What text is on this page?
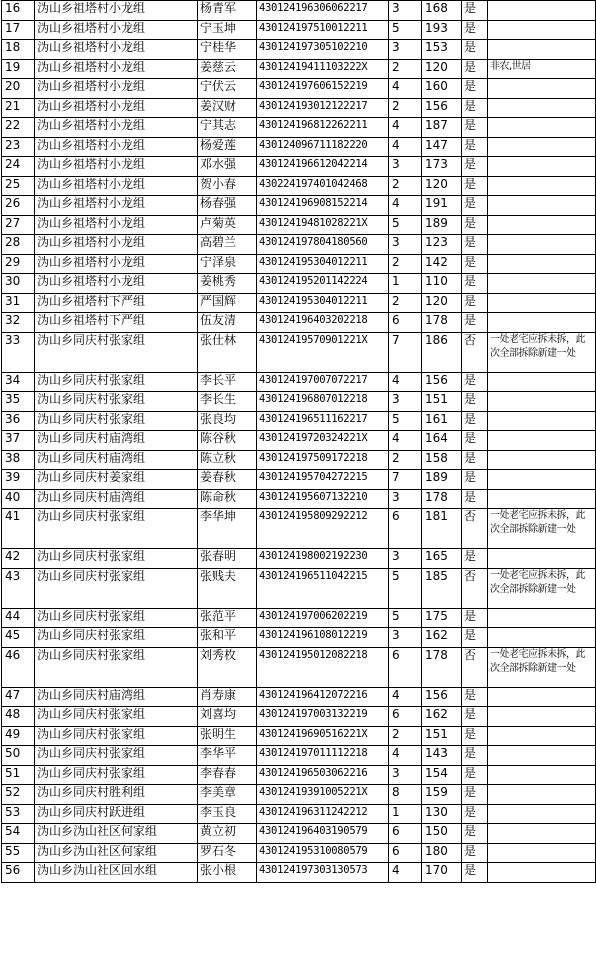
16	沩山乡祖塔村小龙组	杨青军	430124196306062217	3	168	是	
17	沩山乡祖塔村小龙组	宁玉坤	430124197510012211	5	193	是	
18	沩山乡祖塔村小龙组	宁桂华	430124197305102210	3	153	是	
19	沩山乡祖塔村小龙组	姜慈云	43012419411103222X	2	120	是	非农,世居
20	沩山乡祖塔村小龙组	宁伏云	430124197606152219	4	160	是	
21	沩山乡祖塔村小龙组	姜汉财	430124193012122217	2	156	是	
22	沩山乡祖塔村小龙组	宁其志	430124196812262211	4	187	是	
23	沩山乡祖塔村小龙组	杨爱莲	430124096711182220	4	147	是	
24	沩山乡祖塔村小龙组	邓水强	430124196612042214	3	173	是	
25	沩山乡祖塔村小龙组	贺小春	430224197401042468	2	120	是	
26	沩山乡祖塔村小龙组	杨春强	430124196908152214	4	191	是	
27	沩山乡祖塔村小龙组	卢菊英	43012419481028221X	5	189	是	
28	沩山乡祖塔村小龙组	高碧兰	430124197804180560	3	123	是	
29	沩山乡祖塔村小龙组	宁泽泉	430124195304012211	2	142	是	
30	沩山乡祖塔村小龙组	姜桃秀	430124195201142224	1	110	是	
31	沩山乡祖塔村下严组	严国辉	430124195304012211	2	120	是	
32	沩山乡祖塔村下严组	伍友清	430124196403202218	6	178	是	
33	沩山乡同庆村张家组	张仕林	43012419570901221X	7	186	否	一处老宅应拆未拆，此次全部拆除新建一处
34	沩山乡同庆村张家组	李长平	430124197007072217	4	156	是	
35	沩山乡同庆村张家组	李长生	430124196807012218	3	151	是	
36	沩山乡同庆村张家组	张良均	430124196511162217	5	161	是	
37	沩山乡同庆村庙湾组	陈谷秋	43012419720324221X	4	164	是	
38	沩山乡同庆村庙湾组	陈立秋	430124197509172218	2	158	是	
39	沩山乡同庆村姜家组	姜春秋	430124195704272215	7	189	是	
40	沩山乡同庆村庙湾组	陈命秋	430124195607132210	3	178	是	
41	沩山乡同庆村张家组	李华坤	430124195809292212	6	181	否	一处老宅应拆未拆，此次全部拆除新建一处
42	沩山乡同庆村张家组	张春明	430124198002192230	3	165	是	
43	沩山乡同庆村张家组	张贱夫	430124196511042215	5	185	否	一处老宅应拆未拆，此次全部拆除新建一处
44	沩山乡同庆村张家组	张范平	430124197006202219	5	175	是	
45	沩山乡同庆村张家组	张和平	430124196108012219	3	162	是	
46	沩山乡同庆村张家组	刘秀枚	430124195012082218	6	178	否	一处老宅应拆未拆，此次全部拆除新建一处
47	沩山乡同庆村庙湾组	肖寿康	430124196412072216	4	156	是	
48	沩山乡同庆村张家组	刘喜均	430124197003132219	6	162	是	
49	沩山乡同庆村张家组	张明生	43012419690516221X	2	151	是	
50	沩山乡同庆村张家组	李华平	430124197011112218	4	143	是	
51	沩山乡同庆村张家组	李春春	430124196503062216	3	154	是	
52	沩山乡同庆村胜利组	李美章	43012419391005221X	8	159	是	
53	沩山乡同庆村跃进组	李玉良	430124196311242212	1	130	是	
54	沩山乡沩山社区何家组	黄立初	430124196403190579	6	150	是	
55	沩山乡沩山社区何家组	罗石冬	430124195310080579	6	180	是	
56	沩山乡沩山社区回水组	张小根	430124197303130573	4	170	是	
